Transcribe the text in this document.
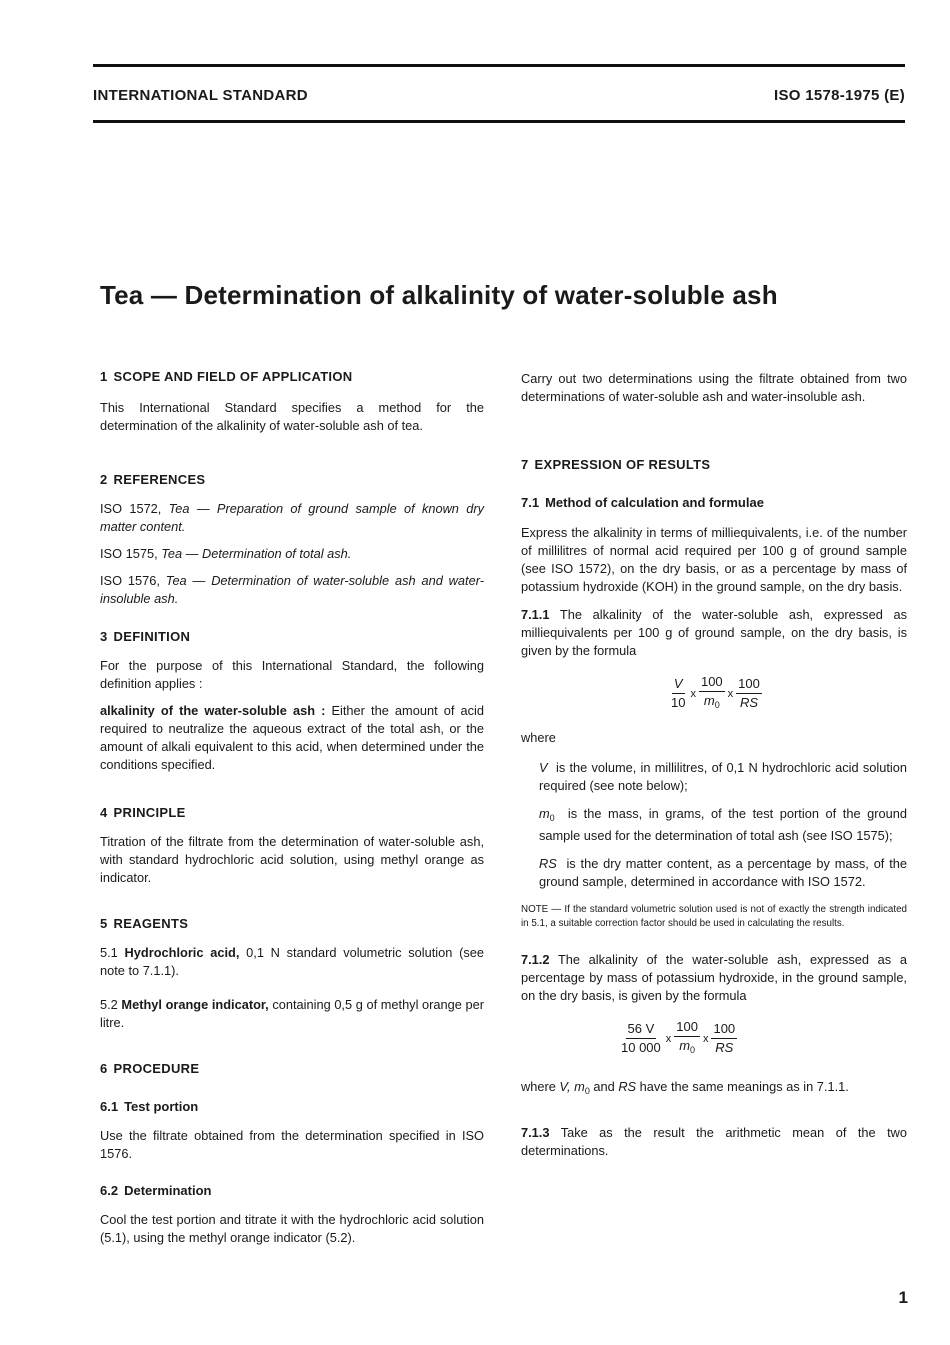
INTERNATIONAL STANDARD	ISO 1578-1975 (E)
Tea — Determination of alkalinity of water-soluble ash
1 SCOPE AND FIELD OF APPLICATION

This International Standard specifies a method for the determination of the alkalinity of water-soluble ash of tea.

2 REFERENCES

ISO 1572, Tea — Preparation of ground sample of known dry matter content.

ISO 1575, Tea — Determination of total ash.

ISO 1576, Tea — Determination of water-soluble ash and water-insoluble ash.

3 DEFINITION

For the purpose of this International Standard, the following definition applies :

alkalinity of the water-soluble ash : Either the amount of acid required to neutralize the aqueous extract of the total ash, or the amount of alkali equivalent to this acid, when determined under the conditions specified.

4 PRINCIPLE

Titration of the filtrate from the determination of water-soluble ash, with standard hydrochloric acid solution, using methyl orange as indicator.

5 REAGENTS

5.1 Hydrochloric acid, 0,1 N standard volumetric solution (see note to 7.1.1).

5.2 Methyl orange indicator, containing 0,5 g of methyl orange per litre.

6 PROCEDURE
6.1 Test portion

Use the filtrate obtained from the determination specified in ISO 1576.

6.2 Determination

Cool the test portion and titrate it with the hydrochloric acid solution (5.1), using the methyl orange indicator (5.2).

Carry out two determinations using the filtrate obtained from two determinations of water-soluble ash and water-insoluble ash.

7 EXPRESSION OF RESULTS
7.1 Method of calculation and formulae

Express the alkalinity in terms of milliequivalents, i.e. of the number of millilitres of normal acid required per 100 g of ground sample (see ISO 1572), on the dry basis, or as a percentage by mass of potassium hydroxide (KOH) in the ground sample, on the dry basis.

7.1.1 The alkalinity of the water-soluble ash, expressed as milliequivalents per 100 g of ground sample, on the dry basis, is given by the formula

$\frac{V}{10}$ x $\frac{100}{m_0}$ x $\frac{100}{RS}$

where

V is the volume, in millilitres, of 0,1 N hydrochloric acid solution required (see note below);

$m_0$ is the mass, in grams, of the test portion of the ground sample used for the determination of total ash (see ISO 1575);

RS is the dry matter content, as a percentage by mass, of the ground sample, determined in accordance with ISO 1572.

NOTE — If the standard volumetric solution used is not of exactly the strength indicated in 5.1, a suitable correction factor should be used in calculating the results.

7.1.2 The alkalinity of the water-soluble ash, expressed as a percentage by mass of potassium hydroxide, in the ground sample, on the dry basis, is given by the formula

$\frac{56 V}{10 000}$ x $\frac{100}{m_0}$ x $\frac{100}{RS}$

where V, $m_0$ and RS have the same meanings as in 7.1.1.

7.1.3 Take as the result the arithmetic mean of the two determinations.

1
